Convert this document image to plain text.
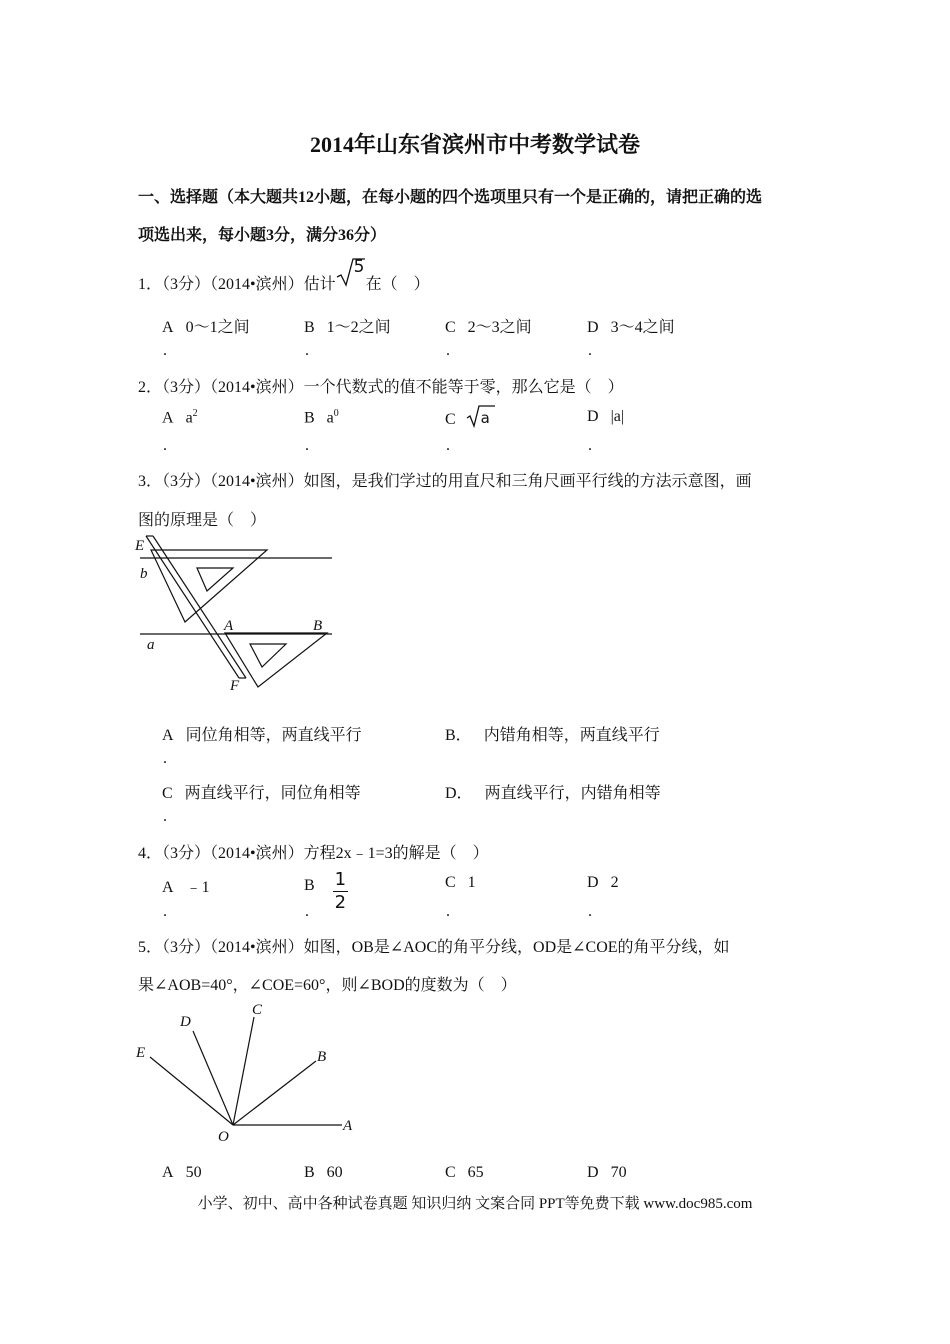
2014年山东省滨州市中考数学试卷
一、选择题（本大题共12小题，在每小题的四个选项里只有一个是正确的，请把正确的选
项选出来，每小题3分，满分36分）
1．（3分）（2014•滨州）估计
5
在（　）
A 0～1之间	B 1～2之间	C 2～3之间	D 3～4之间
.	.	.	.
2．（3分）（2014•滨州）一个代数式的值不能等于零，那么它是（　）
A $a^2$	B $a^0$	C a	D |a|
.	.	.	.
3．（3分）（2014•滨州）如图，是我们学过的用直尺和三角尺画平行线的方法示意图，画
图的原理是（　）
E
b
A	B
a
F
A 同位角相等，两直线平行	B． 内错角相等，两直线平行
.
C 两直线平行，同位角相等	D． 两直线平行，内错角相等
.
4．（3分）（2014•滨州）方程2x﹣1=3的解是（　）
A ﹣1	B $\frac{1}{2}$	C 1	D 2
.	.	.	.
5．（3分）（2014•滨州）如图，OB是∠AOC的角平分线，OD是∠COE的角平分线，如
果∠AOB=40°，∠COE=60°，则∠BOD的度数为（　）
D
C
E	B
O
A
A 50	B 60	C 65	D 70
小学、初中、高中各种试卷真题 知识归纳 文案合同 PPT等免费下载 www.doc985.com
